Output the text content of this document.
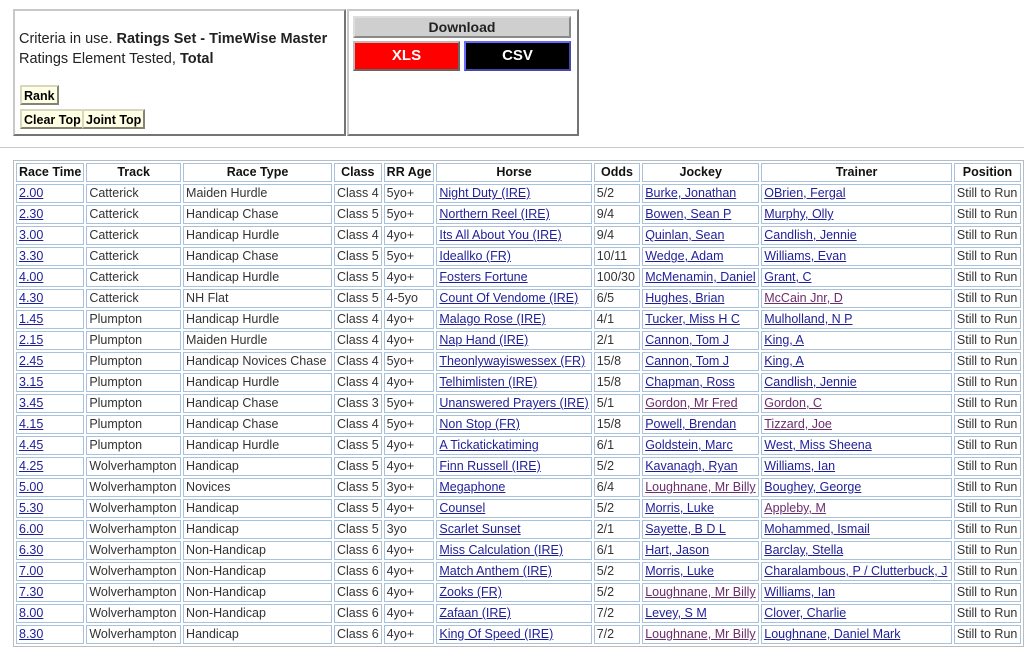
Criteria in use. Ratings Set - TimeWise Master
Ratings Element Tested, Total
Rank
Clear Top Joint Top
Download
XLS	CSV
Race Time	Track	Race Type	Class	RR Age	Horse	Odds	Jockey	Trainer	Position
2.00	Catterick	Maiden Hurdle	Class 4	5yo+	Night Duty (IRE)	5/2	Burke, Jonathan	OBrien, Fergal	Still to Run
2.30	Catterick	Handicap Chase	Class 5	5yo+	Northern Reel (IRE)	9/4	Bowen, Sean P	Murphy, Olly	Still to Run
3.00	Catterick	Handicap Hurdle	Class 4	4yo+	Its All About You (IRE)	9/4	Quinlan, Sean	Candlish, Jennie	Still to Run
3.30	Catterick	Handicap Chase	Class 5	5yo+	Ideallko (FR)	10/11	Wedge, Adam	Williams, Evan	Still to Run
4.00	Catterick	Handicap Hurdle	Class 5	4yo+	Fosters Fortune	100/30	McMenamin, Daniel	Grant, C	Still to Run
4.30	Catterick	NH Flat	Class 5	4-5yo	Count Of Vendome (IRE)	6/5	Hughes, Brian	McCain Jnr, D	Still to Run
1.45	Plumpton	Handicap Hurdle	Class 4	4yo+	Malago Rose (IRE)	4/1	Tucker, Miss H C	Mulholland, N P	Still to Run
2.15	Plumpton	Maiden Hurdle	Class 4	4yo+	Nap Hand (IRE)	2/1	Cannon, Tom J	King, A	Still to Run
2.45	Plumpton	Handicap Novices Chase	Class 4	5yo+	Theonlywayiswessex (FR)	15/8	Cannon, Tom J	King, A	Still to Run
3.15	Plumpton	Handicap Hurdle	Class 4	4yo+	Telhimlisten (IRE)	15/8	Chapman, Ross	Candlish, Jennie	Still to Run
3.45	Plumpton	Handicap Chase	Class 3	5yo+	Unanswered Prayers (IRE)	5/1	Gordon, Mr Fred	Gordon, C	Still to Run
4.15	Plumpton	Handicap Chase	Class 4	5yo+	Non Stop (FR)	15/8	Powell, Brendan	Tizzard, Joe	Still to Run
4.45	Plumpton	Handicap Hurdle	Class 5	4yo+	A Tickatickatiming	6/1	Goldstein, Marc	West, Miss Sheena	Still to Run
4.25	Wolverhampton	Handicap	Class 5	4yo+	Finn Russell (IRE)	5/2	Kavanagh, Ryan	Williams, Ian	Still to Run
5.00	Wolverhampton	Novices	Class 5	3yo+	Megaphone	6/4	Loughnane, Mr Billy	Boughey, George	Still to Run
5.30	Wolverhampton	Handicap	Class 5	4yo+	Counsel	5/2	Morris, Luke	Appleby, M	Still to Run
6.00	Wolverhampton	Handicap	Class 5	3yo	Scarlet Sunset	2/1	Sayette, B D L	Mohammed, Ismail	Still to Run
6.30	Wolverhampton	Non-Handicap	Class 6	4yo+	Miss Calculation (IRE)	6/1	Hart, Jason	Barclay, Stella	Still to Run
7.00	Wolverhampton	Non-Handicap	Class 6	4yo+	Match Anthem (IRE)	5/2	Morris, Luke	Charalambous, P / Clutterbuck, J	Still to Run
7.30	Wolverhampton	Non-Handicap	Class 6	4yo+	Zooks (FR)	5/2	Loughnane, Mr Billy	Williams, Ian	Still to Run
8.00	Wolverhampton	Non-Handicap	Class 6	4yo+	Zafaan (IRE)	7/2	Levey, S M	Clover, Charlie	Still to Run
8.30	Wolverhampton	Handicap	Class 6	4yo+	King Of Speed (IRE)	7/2	Loughnane, Mr Billy	Loughnane, Daniel Mark	Still to Run
